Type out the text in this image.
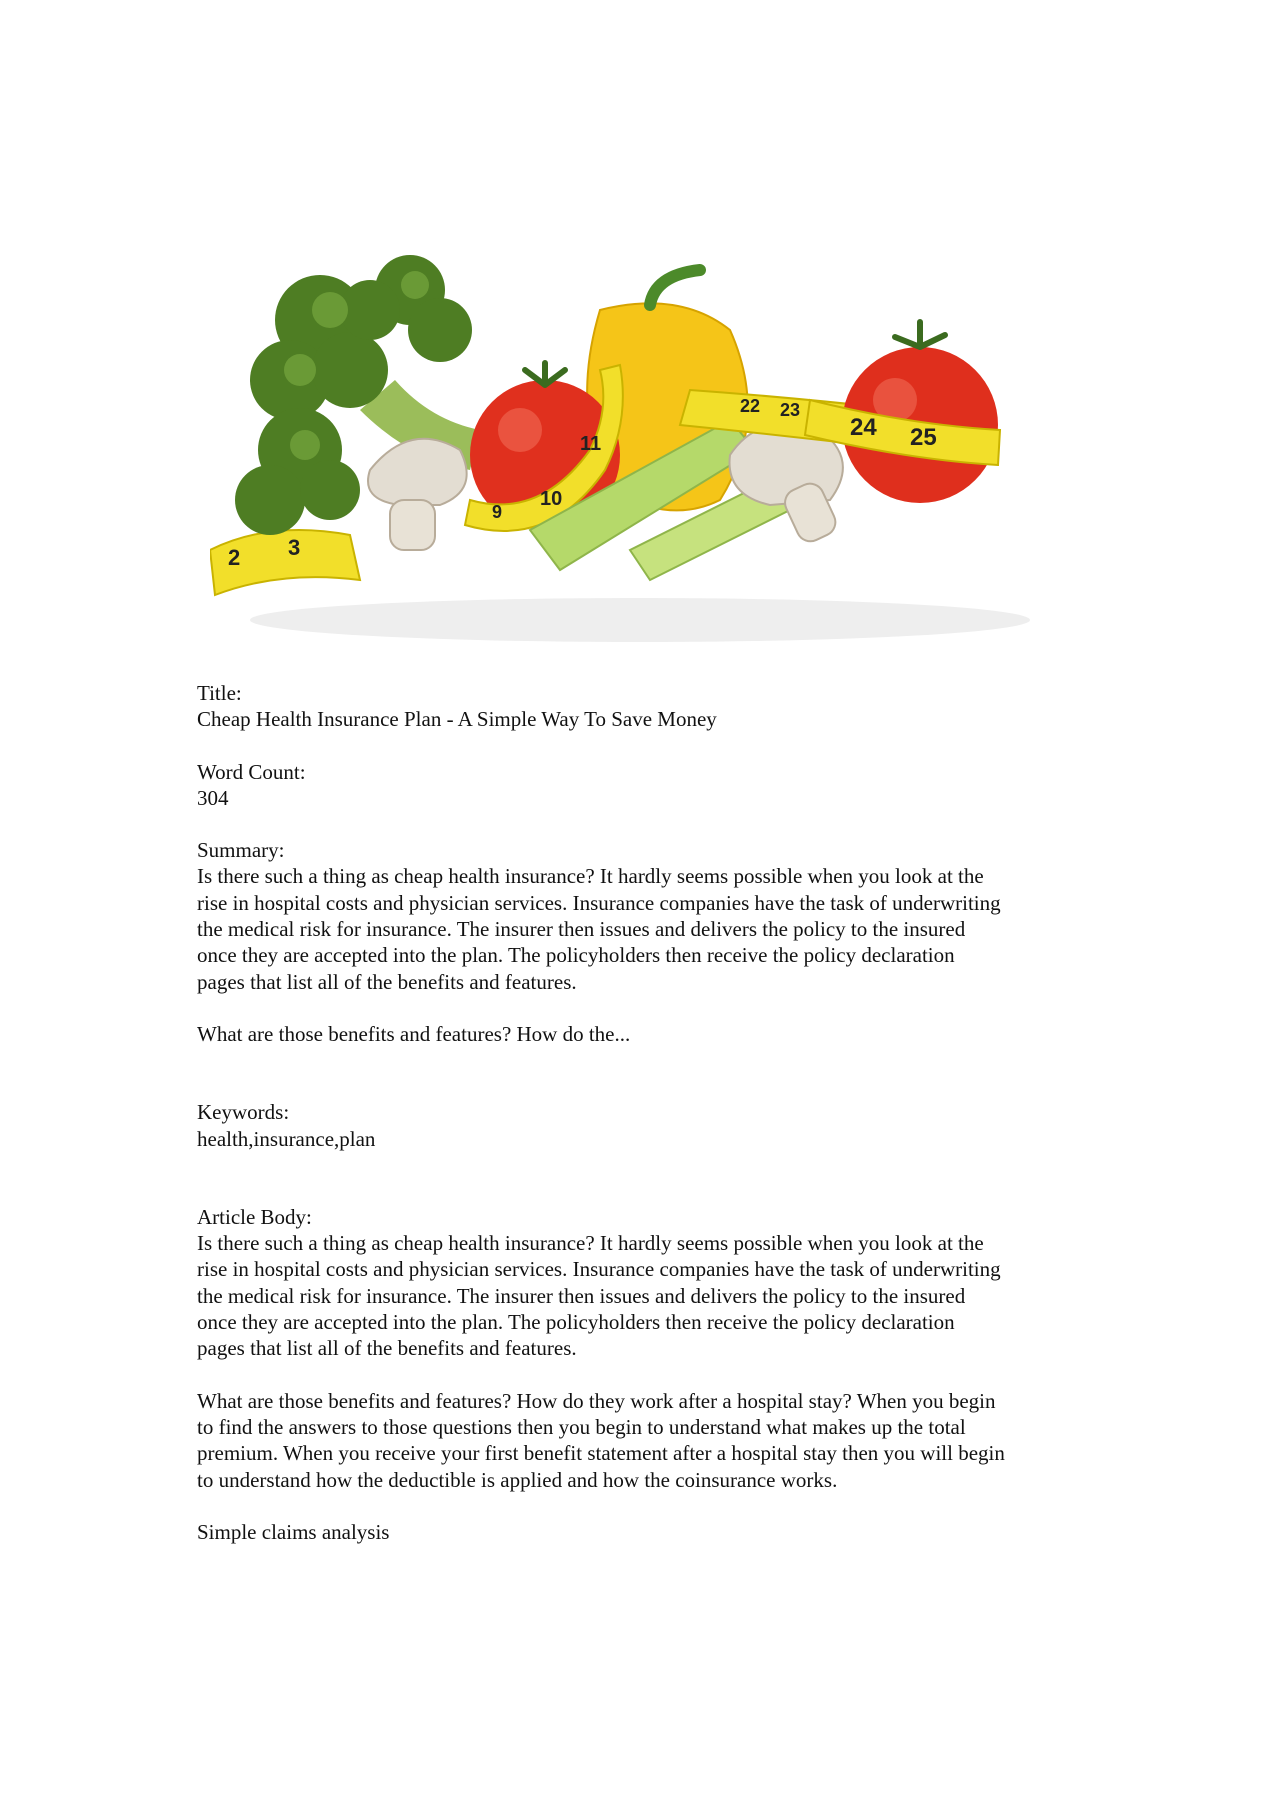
2 3
9
10
11
22 23
24 25

Title:

Cheap Health Insurance Plan - A Simple Way To Save Money

Word Count:

304

Summary:

Is there such a thing as cheap health insurance? It hardly seems possible when you look at the

rise in hospital costs and physician services. Insurance companies have the task of underwriting

the medical risk for insurance. The insurer then issues and delivers the policy to the insured

once they are accepted into the plan. The policyholders then receive the policy declaration

pages that list all of the benefits and features.

What are those benefits and features? How do the...

Keywords:

health,insurance,plan

Article Body:

Is there such a thing as cheap health insurance? It hardly seems possible when you look at the

rise in hospital costs and physician services. Insurance companies have the task of underwriting

the medical risk for insurance. The insurer then issues and delivers the policy to the insured

once they are accepted into the plan. The policyholders then receive the policy declaration

pages that list all of the benefits and features.

What are those benefits and features? How do they work after a hospital stay? When you begin

to find the answers to those questions then you begin to understand what makes up the total

premium. When you receive your first benefit statement after a hospital stay then you will begin

to understand how the deductible is applied and how the coinsurance works.

Simple claims analysis
